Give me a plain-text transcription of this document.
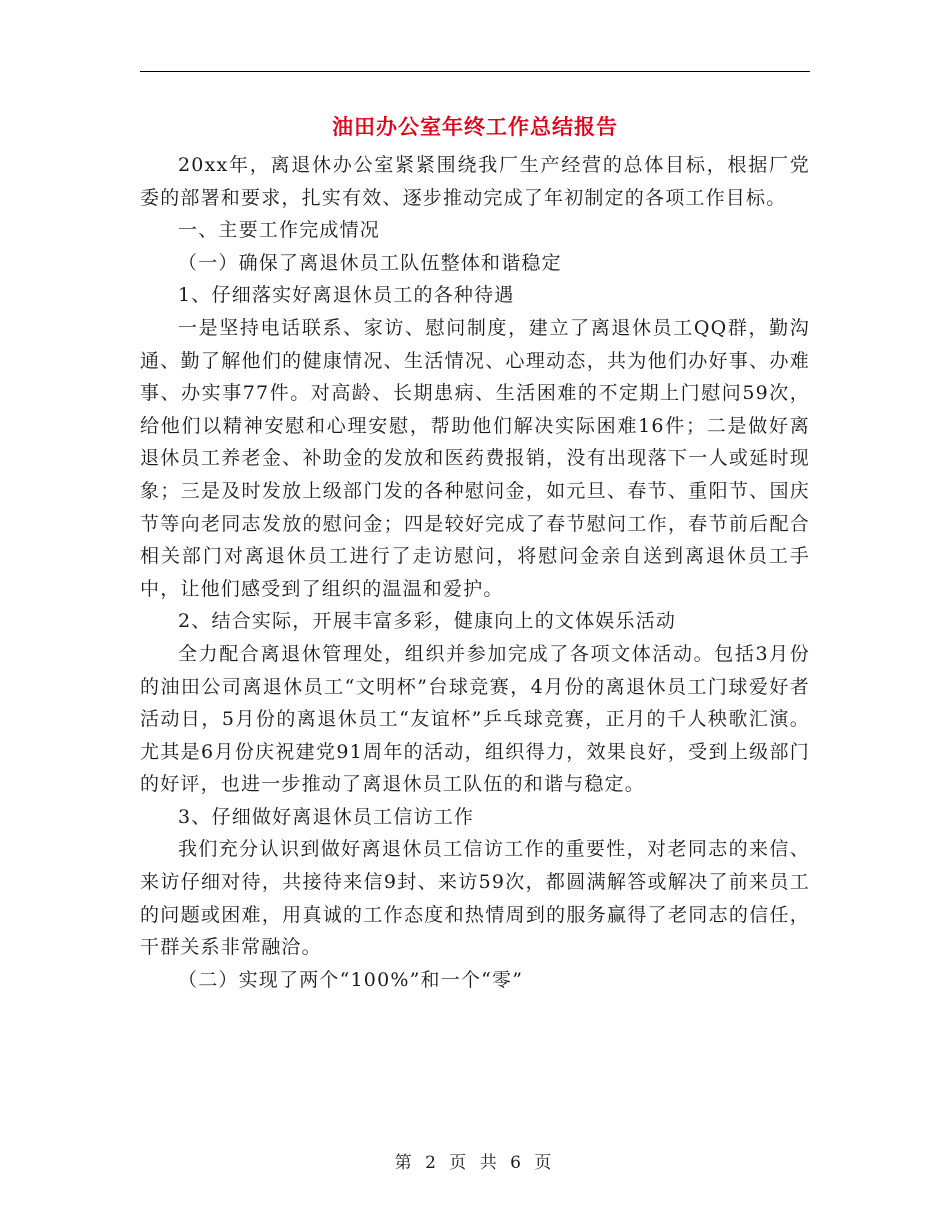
油田办公室年终工作总结报告

20xx年，离退休办公室紧紧围绕我厂生产经营的总体目标，根据厂党委的部署和要求，扎实有效、逐步推动完成了年初制定的各项工作目标。

一、主要工作完成情况

（一）确保了离退休员工队伍整体和谐稳定

1、仔细落实好离退休员工的各种待遇

一是坚持电话联系、家访、慰问制度，建立了离退休员工QQ群，勤沟通、勤了解他们的健康情况、生活情况、心理动态，共为他们办好事、办难事、办实事77件。对高龄、长期患病、生活困难的不定期上门慰问59次，给他们以精神安慰和心理安慰，帮助他们解决实际困难16件；二是做好离退休员工养老金、补助金的发放和医药费报销，没有出现落下一人或延时现象；三是及时发放上级部门发的各种慰问金，如元旦、春节、重阳节、国庆节等向老同志发放的慰问金；四是较好完成了春节慰问工作，春节前后配合相关部门对离退休员工进行了走访慰问，将慰问金亲自送到离退休员工手中，让他们感受到了组织的温温和爱护。

2、结合实际，开展丰富多彩，健康向上的文体娱乐活动

全力配合离退休管理处，组织并参加完成了各项文体活动。包括3月份的油田公司离退休员工“文明杯”台球竞赛，4月份的离退休员工门球爱好者活动日，5月份的离退休员工“友谊杯”乒乓球竞赛，正月的千人秧歌汇演。尤其是6月份庆祝建党91周年的活动，组织得力，效果良好，受到上级部门的好评，也进一步推动了离退休员工队伍的和谐与稳定。

3、仔细做好离退休员工信访工作

我们充分认识到做好离退休员工信访工作的重要性，对老同志的来信、来访仔细对待，共接待来信9封、来访59次，都圆满解答或解决了前来员工的问题或困难，用真诚的工作态度和热情周到的服务赢得了老同志的信任，干群关系非常融洽。

（二）实现了两个“100%”和一个“零”

第 2 页 共 6 页
